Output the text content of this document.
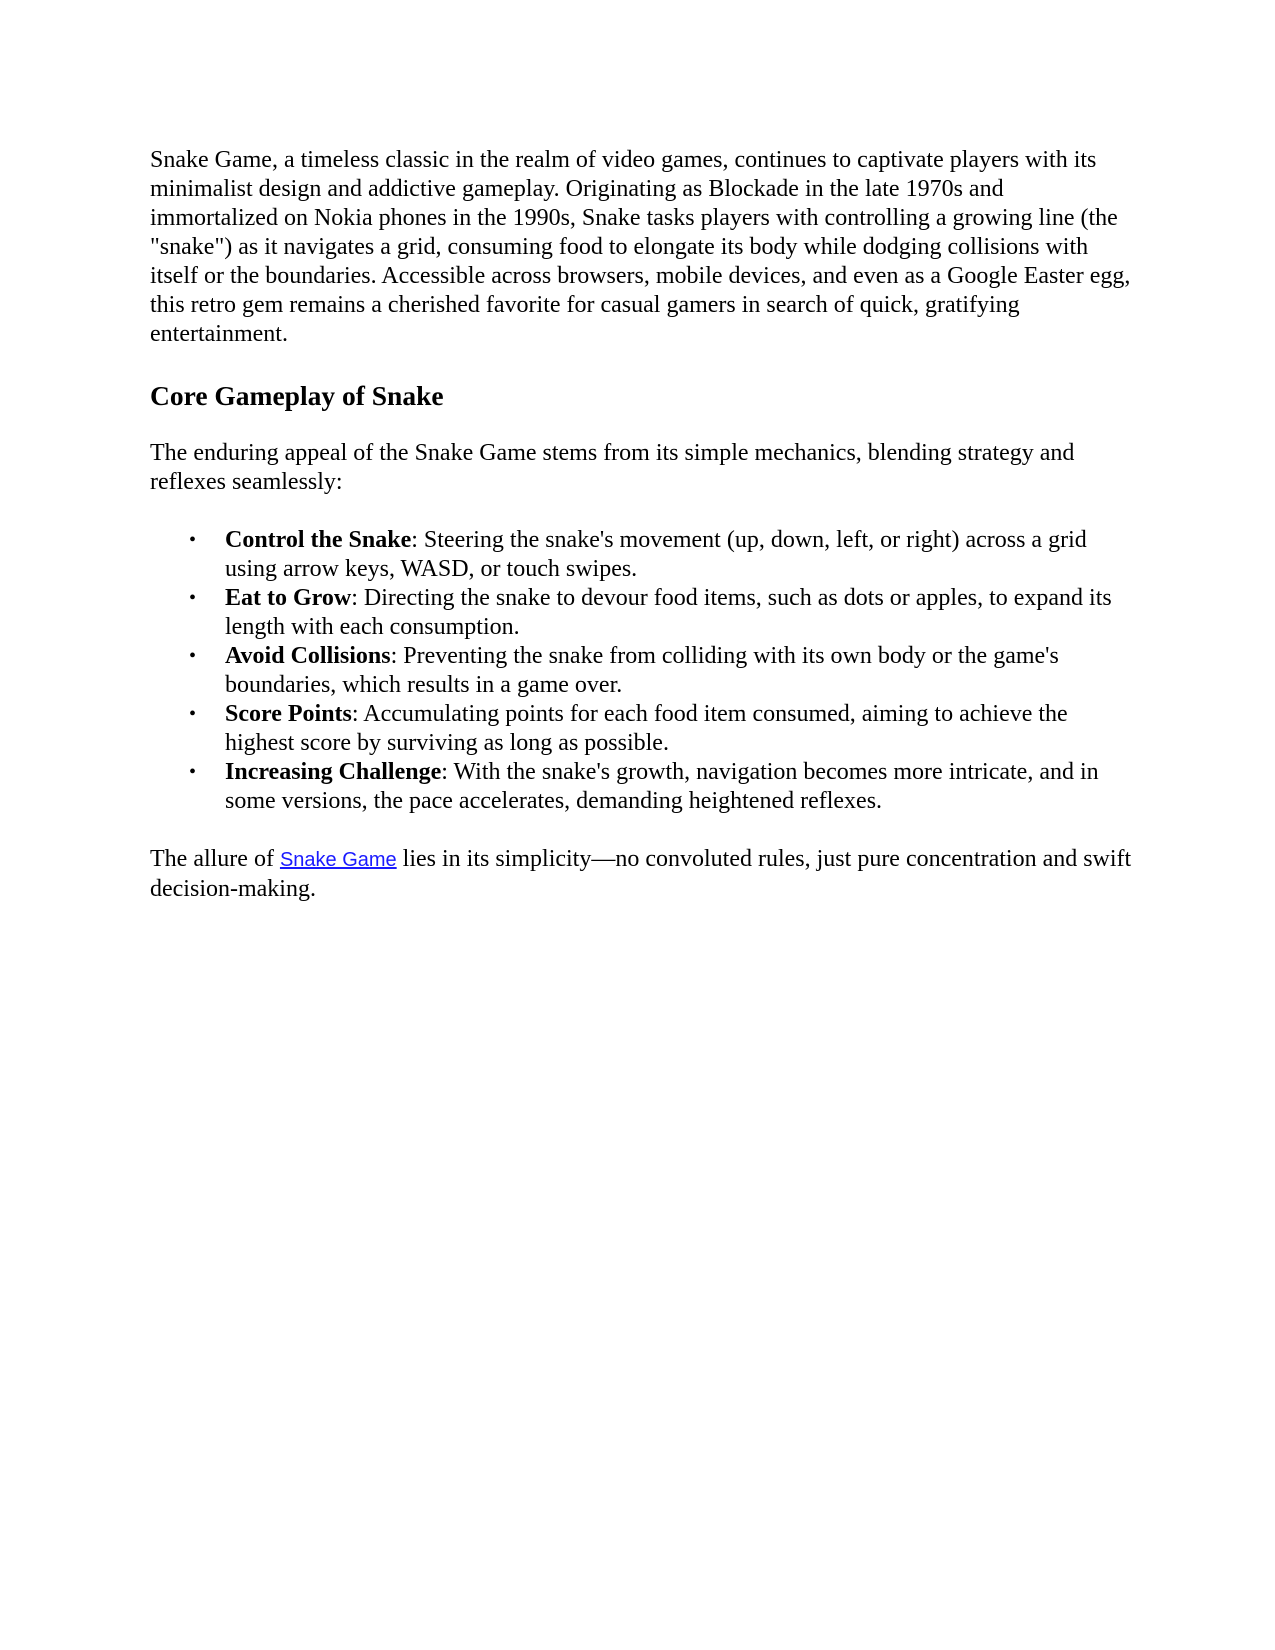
Snake Game, a timeless classic in the realm of video games, continues to captivate players with its minimalist design and addictive gameplay. Originating as Blockade in the late 1970s and immortalized on Nokia phones in the 1990s, Snake tasks players with controlling a growing line (the "snake") as it navigates a grid, consuming food to elongate its body while dodging collisions with itself or the boundaries. Accessible across browsers, mobile devices, and even as a Google Easter egg, this retro gem remains a cherished favorite for casual gamers in search of quick, gratifying entertainment.

Core Gameplay of Snake

The enduring appeal of the Snake Game stems from its simple mechanics, blending strategy and reflexes seamlessly:

• Control the Snake: Steering the snake's movement (up, down, left, or right) across a grid using arrow keys, WASD, or touch swipes.
• Eat to Grow: Directing the snake to devour food items, such as dots or apples, to expand its length with each consumption.
• Avoid Collisions: Preventing the snake from colliding with its own body or the game's boundaries, which results in a game over.
• Score Points: Accumulating points for each food item consumed, aiming to achieve the highest score by surviving as long as possible.
• Increasing Challenge: With the snake's growth, navigation becomes more intricate, and in some versions, the pace accelerates, demanding heightened reflexes.

The allure of Snake Game lies in its simplicity—no convoluted rules, just pure concentration and swift decision-making.
